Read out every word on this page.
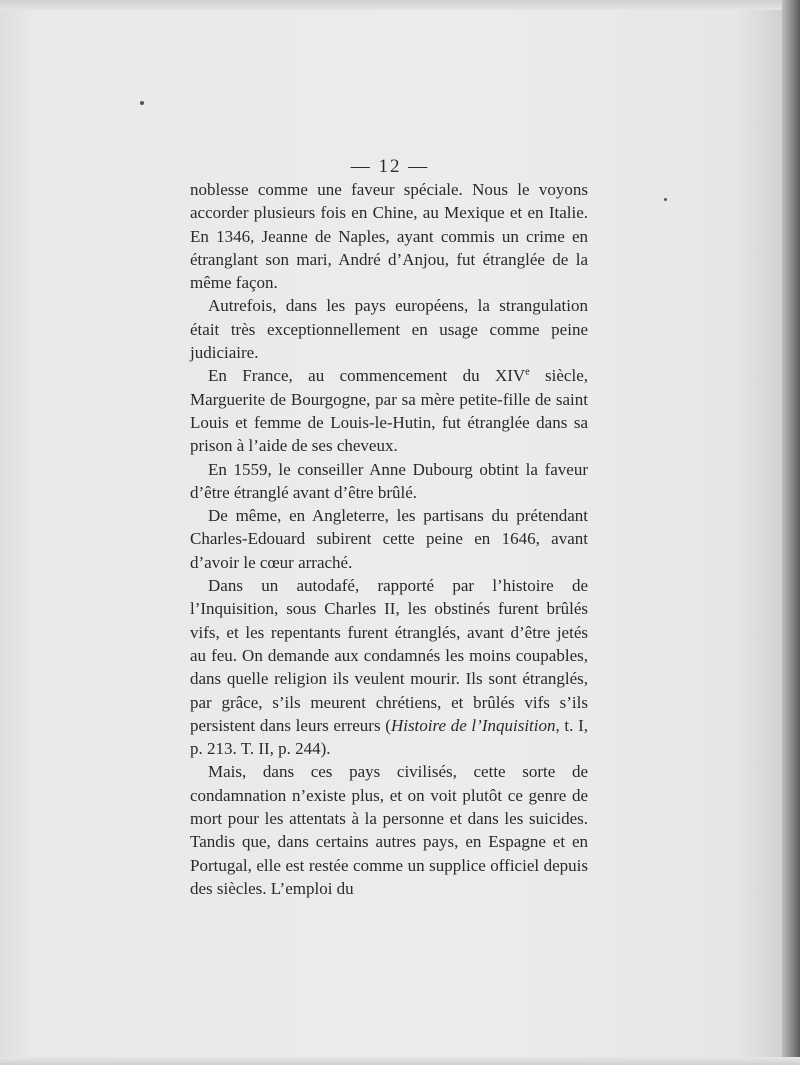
— 12 —

noblesse comme une faveur spéciale. Nous le voyons accorder plusieurs fois en Chine, au Mexique et en Italie. En 1346, Jeanne de Naples, ayant commis un crime en étranglant son mari, André d’Anjou, fut étranglée de la même façon.

Autrefois, dans les pays européens, la strangulation était très exceptionnellement en usage comme peine judiciaire.

En France, au commencement du XIVe siècle, Marguerite de Bourgogne, par sa mère petite-fille de saint Louis et femme de Louis-le-Hutin, fut étranglée dans sa prison à l’aide de ses cheveux.

En 1559, le conseiller Anne Dubourg obtint la faveur d’être étranglé avant d’être brûlé.

De même, en Angleterre, les partisans du prétendant Charles-Edouard subirent cette peine en 1646, avant d’avoir le cœur arraché.

Dans un autodafé, rapporté par l’histoire de l’Inquisition, sous Charles II, les obstinés furent brûlés vifs, et les repentants furent étranglés, avant d’être jetés au feu. On demande aux condamnés les moins coupables, dans quelle religion ils veulent mourir. Ils sont étranglés, par grâce, s’ils meurent chrétiens, et brûlés vifs s’ils persistent dans leurs erreurs (Histoire de l’Inquisition, t. I, p. 213. T. II, p. 244).

Mais, dans ces pays civilisés, cette sorte de condamnation n’existe plus, et on voit plutôt ce genre de mort pour les attentats à la personne et dans les suicides. Tandis que, dans certains autres pays, en Espagne et en Portugal, elle est restée comme un supplice officiel depuis des siècles. L’emploi du
